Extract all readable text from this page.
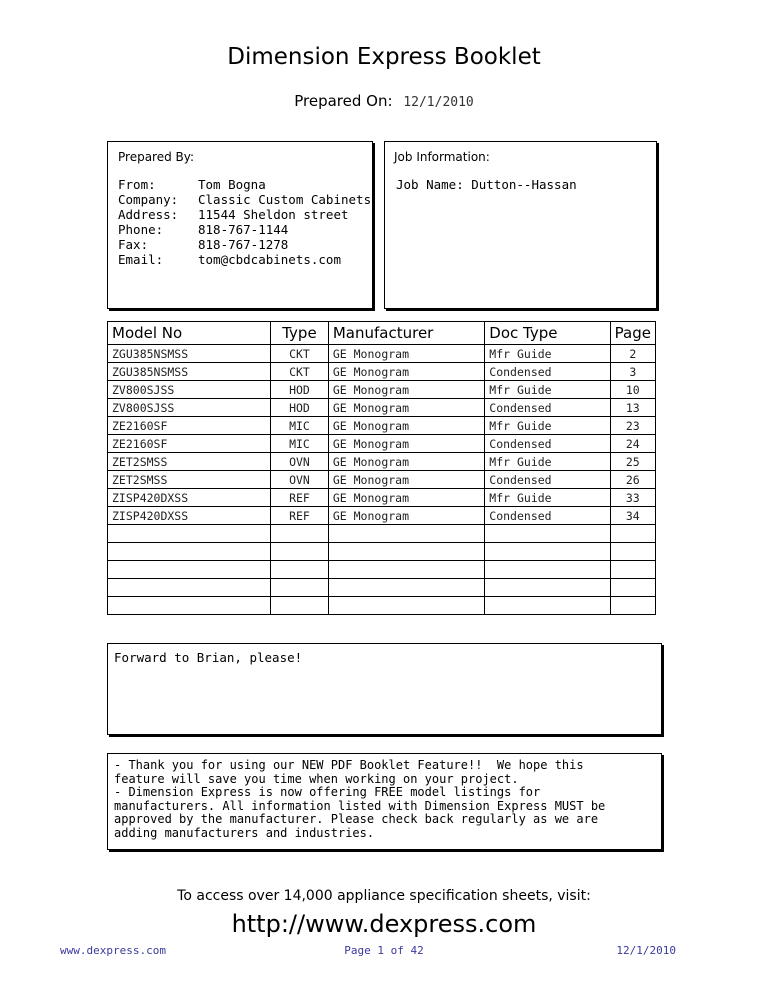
Dimension Express Booklet
Prepared On: 12/1/2010
Prepared By:
From:	Tom Bogna
Company:	Classic Custom Cabinets
Address:	11544 Sheldon street
Phone:	818-767-1144
Fax:	818-767-1278
Email:	tom@cbdcabinets.com
Job Information:
Job Name: Dutton--Hassan
Model No	Type	Manufacturer	Doc Type	Page
ZGU385NSMSS	CKT	GE Monogram	Mfr Guide	2
ZGU385NSMSS	CKT	GE Monogram	Condensed	3
ZV800SJSS	HOD	GE Monogram	Mfr Guide	10
ZV800SJSS	HOD	GE Monogram	Condensed	13
ZE2160SF	MIC	GE Monogram	Mfr Guide	23
ZE2160SF	MIC	GE Monogram	Condensed	24
ZET2SMSS	OVN	GE Monogram	Mfr Guide	25
ZET2SMSS	OVN	GE Monogram	Condensed	26
ZISP420DXSS	REF	GE Monogram	Mfr Guide	33
ZISP420DXSS	REF	GE Monogram	Condensed	34

Forward to Brian, please!
- Thank you for using our NEW PDF Booklet Feature!!  We hope this
feature will save you time when working on your project.
- Dimension Express is now offering FREE model listings for
manufacturers. All information listed with Dimension Express MUST be
approved by the manufacturer. Please check back regularly as we are
adding manufacturers and industries.
To access over 14,000 appliance specification sheets, visit:
http://www.dexpress.com
www.dexpress.com	Page 1 of 42	12/1/2010
